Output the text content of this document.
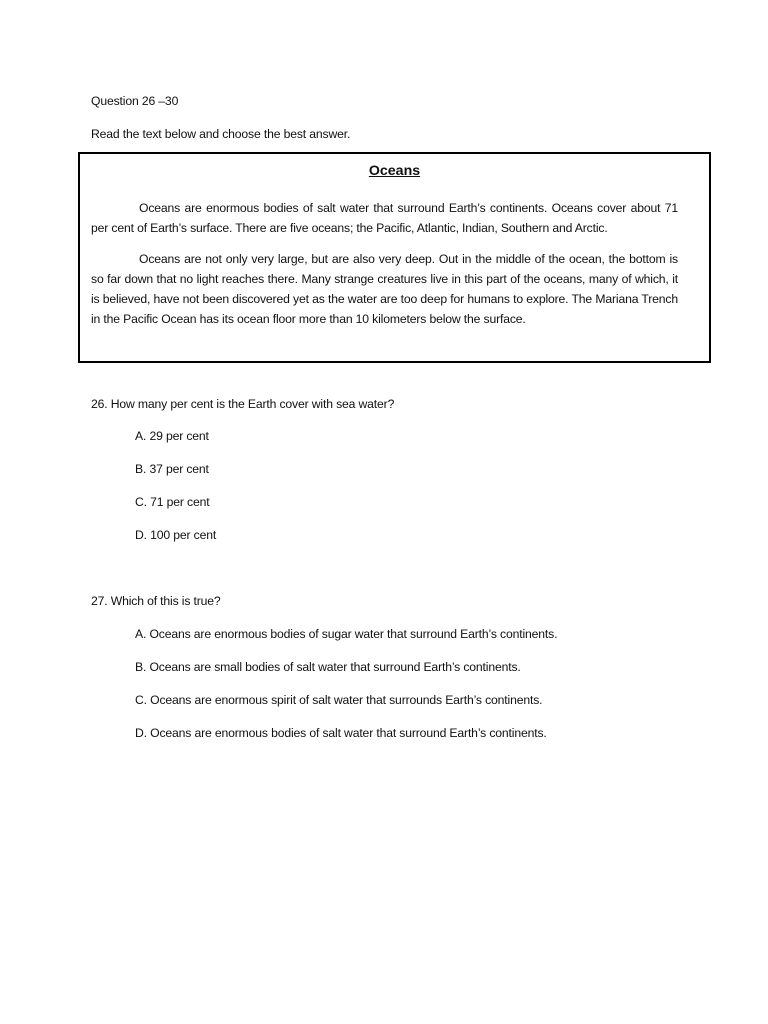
Question 26 –30

Read the text below and choose the best answer.

Oceans

Oceans are enormous bodies of salt water that surround Earth’s continents. Oceans cover about 71 per cent of Earth’s surface. There are five oceans; the Pacific, Atlantic, Indian, Southern and Arctic.

Oceans are not only very large, but are also very deep. Out in the middle of the ocean, the bottom is so far down that no light reaches there. Many strange creatures live in this part of the oceans, many of which, it is believed, have not been discovered yet as the water are too deep for humans to explore. The Mariana Trench in the Pacific Ocean has its ocean floor more than 10 kilometers below the surface.

26. How many per cent is the Earth cover with sea water?

A. 29 per cent

B. 37 per cent

C. 71 per cent

D. 100 per cent

27. Which of this is true?

A. Oceans are enormous bodies of sugar water that surround Earth’s continents.

B. Oceans are small bodies of salt water that surround Earth’s continents.

C. Oceans are enormous spirit of salt water that surrounds Earth’s continents.

D. Oceans are enormous bodies of salt water that surround Earth’s continents.
